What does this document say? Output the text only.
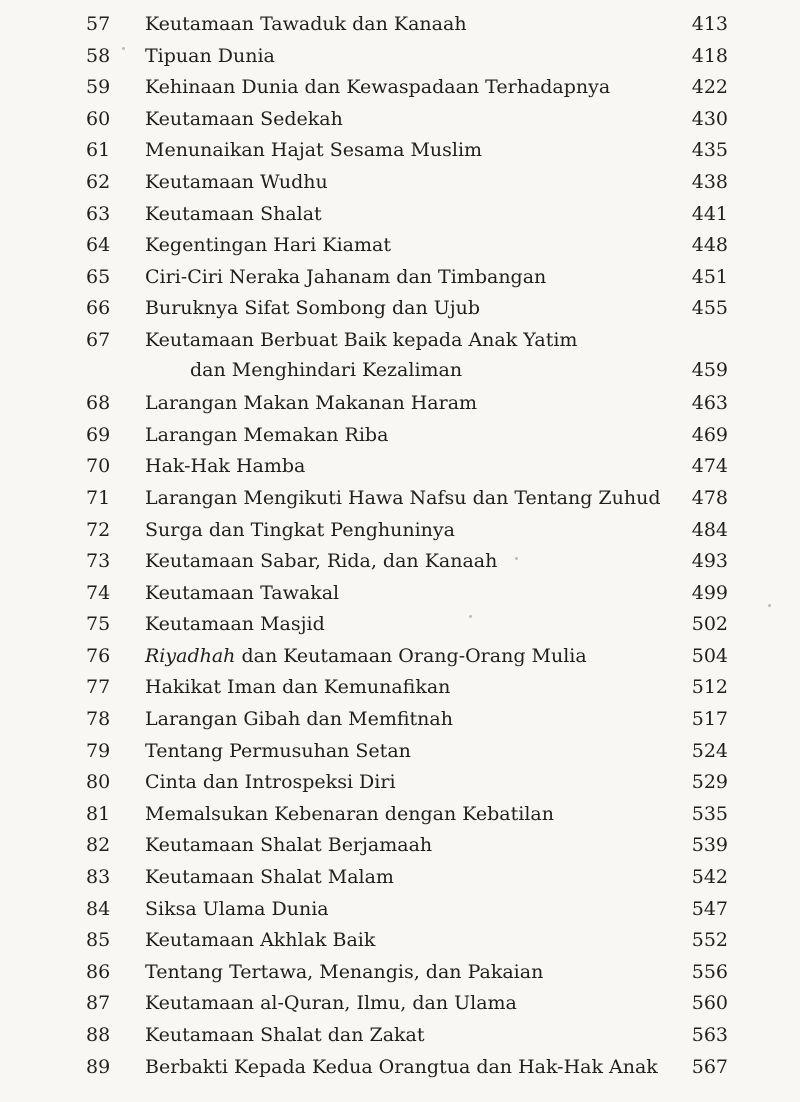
57	Keutamaan Tawaduk dan Kanaah	413
58	Tipuan Dunia	418
59	Kehinaan Dunia dan Kewaspadaan Terhadapnya	422
60	Keutamaan Sedekah	430
61	Menunaikan Hajat Sesama Muslim	435
62	Keutamaan Wudhu	438
63	Keutamaan Shalat	441
64	Kegentingan Hari Kiamat	448
65	Ciri-Ciri Neraka Jahanam dan Timbangan	451
66	Buruknya Sifat Sombong dan Ujub	455
67	Keutamaan Berbuat Baik kepada Anak Yatim
dan Menghindari Kezaliman	459
68	Larangan Makan Makanan Haram	463
69	Larangan Memakan Riba	469
70	Hak-Hak Hamba	474
71	Larangan Mengikuti Hawa Nafsu dan Tentang Zuhud	478
72	Surga dan Tingkat Penghuninya	484
73	Keutamaan Sabar, Rida, dan Kanaah	493
74	Keutamaan Tawakal	499
75	Keutamaan Masjid	502
76	Riyadhah dan Keutamaan Orang-Orang Mulia	504
77	Hakikat Iman dan Kemunafikan	512
78	Larangan Gibah dan Memfitnah	517
79	Tentang Permusuhan Setan	524
80	Cinta dan Introspeksi Diri	529
81	Memalsukan Kebenaran dengan Kebatilan	535
82	Keutamaan Shalat Berjamaah	539
83	Keutamaan Shalat Malam	542
84	Siksa Ulama Dunia	547
85	Keutamaan Akhlak Baik	552
86	Tentang Tertawa, Menangis, dan Pakaian	556
87	Keutamaan al-Quran, Ilmu, dan Ulama	560
88	Keutamaan Shalat dan Zakat	563
89	Berbakti Kepada Kedua Orangtua dan Hak-Hak Anak	567
